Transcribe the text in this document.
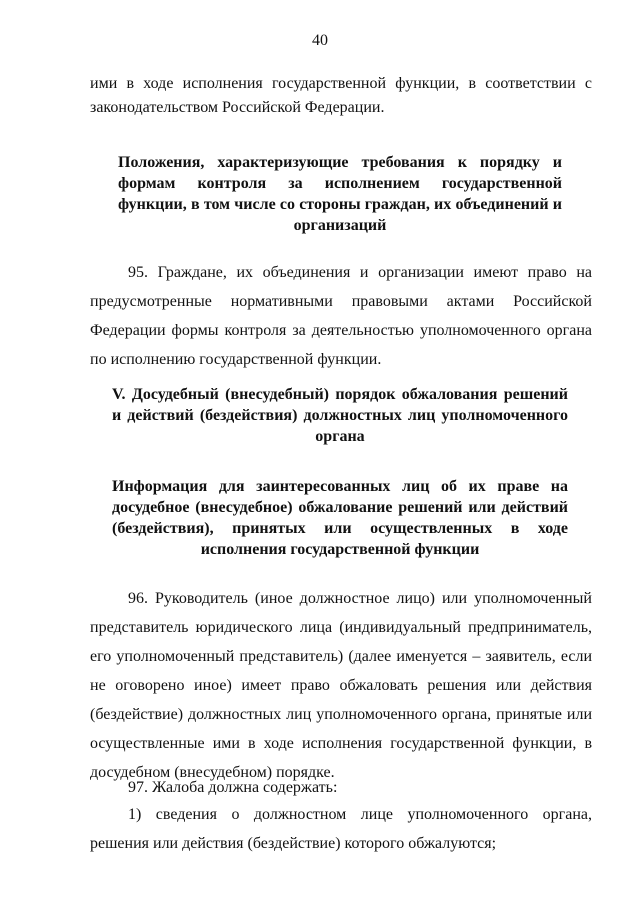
40

ими в ходе исполнения государственной функции, в соответствии с законодательством Российской Федерации.

Положения, характеризующие требования к порядку и формам контроля за исполнением государственной функции, в том числе со стороны граждан, их объединений и организаций

95. Граждане, их объединения и организации имеют право на предусмотренные нормативными правовыми актами Российской Федерации формы контроля за деятельностью уполномоченного органа по исполнению государственной функции.

V. Досудебный (внесудебный) порядок обжалования решений и действий (бездействия) должностных лиц уполномоченного органа

Информация для заинтересованных лиц об их праве на досудебное (внесудебное) обжалование решений или действий (бездействия), принятых или осуществленных в ходе исполнения государственной функции

96. Руководитель (иное должностное лицо) или уполномоченный представитель юридического лица (индивидуальный предприниматель, его уполномоченный представитель) (далее именуется – заявитель, если не оговорено иное) имеет право обжаловать решения или действия (бездействие) должностных лиц уполномоченного органа, принятые или осуществленные ими в ходе исполнения государственной функции, в досудебном (внесудебном) порядке.

97. Жалоба должна содержать:

1) сведения о должностном лице уполномоченного органа, решения или действия (бездействие) которого обжалуются;
